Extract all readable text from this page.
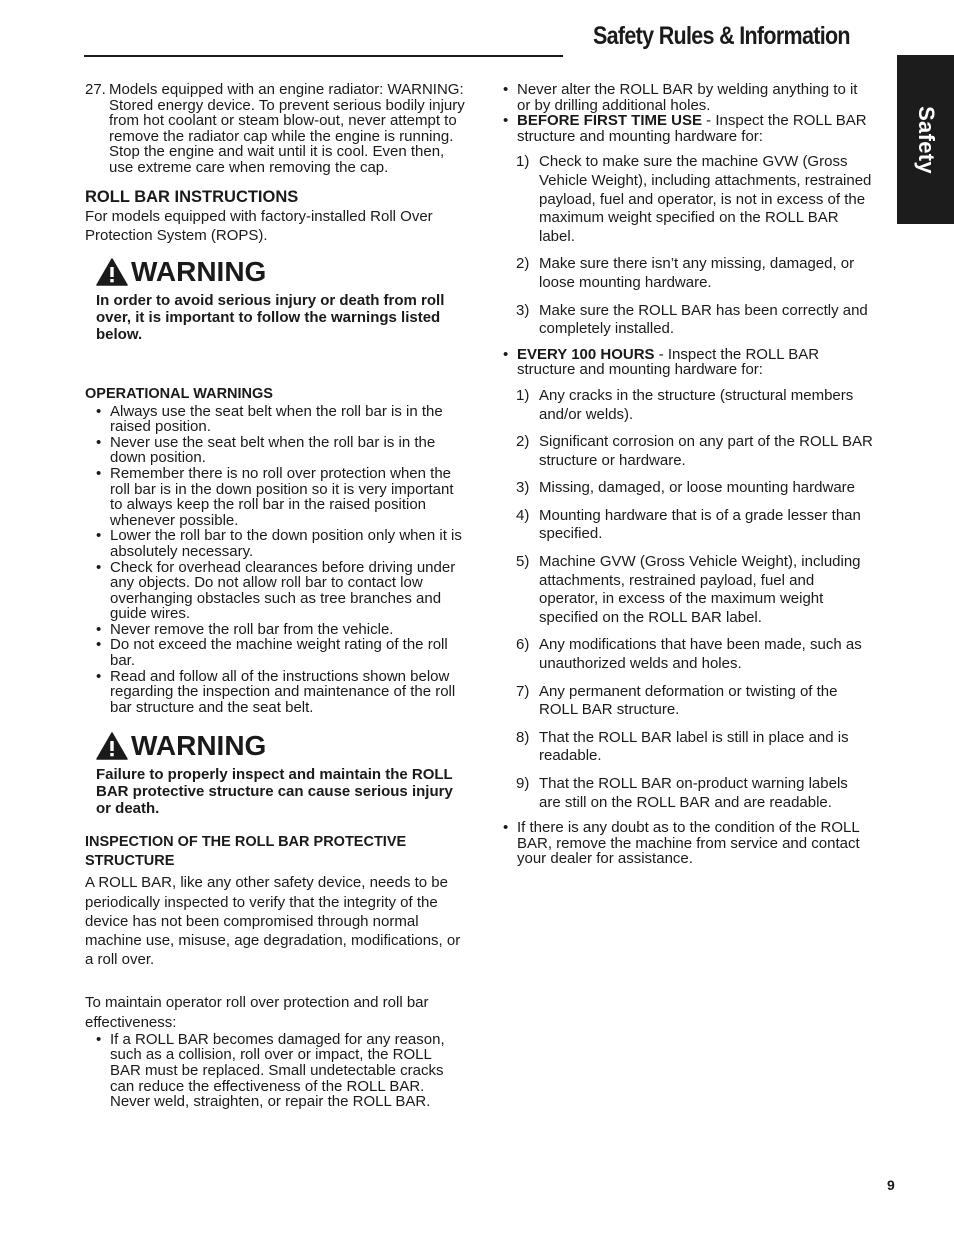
Safety Rules & Information
Safety
27. Models equipped with an engine radiator: WARNING: Stored energy device. To prevent serious bodily injury from hot coolant or steam blow-out, never attempt to remove the radiator cap while the engine is running. Stop the engine and wait until it is cool. Even then, use extreme care when removing the cap.
ROLL BAR INSTRUCTIONS
For models equipped with factory-installed Roll Over Protection System (ROPS).
WARNING
In order to avoid serious injury or death from roll over, it is important to follow the warnings listed below.
OPERATIONAL WARNINGS
• Always use the seat belt when the roll bar is in the raised position.
• Never use the seat belt when the roll bar is in the down position.
• Remember there is no roll over protection when the roll bar is in the down position so it is very important to always keep the roll bar in the raised position whenever possible.
• Lower the roll bar to the down position only when it is absolutely necessary.
• Check for overhead clearances before driving under any objects. Do not allow roll bar to contact low overhanging obstacles such as tree branches and guide wires.
• Never remove the roll bar from the vehicle.
• Do not exceed the machine weight rating of the roll bar.
• Read and follow all of the instructions shown below regarding the inspection and maintenance of the roll bar structure and the seat belt.
WARNING
Failure to properly inspect and maintain the ROLL BAR protective structure can cause serious injury or death.
INSPECTION OF THE ROLL BAR PROTECTIVE STRUCTURE
A ROLL BAR, like any other safety device, needs to be periodically inspected to verify that the integrity of the device has not been compromised through normal machine use, misuse, age degradation, modifications, or a roll over.
To maintain operator roll over protection and roll bar effectiveness:
• If a ROLL BAR becomes damaged for any reason, such as a collision, roll over or impact, the ROLL BAR must be replaced. Small undetectable cracks can reduce the effectiveness of the ROLL BAR. Never weld, straighten, or repair the ROLL BAR.
• Never alter the ROLL BAR by welding anything to it or by drilling additional holes.
• BEFORE FIRST TIME USE - Inspect the ROLL BAR structure and mounting hardware for:
1) Check to make sure the machine GVW (Gross Vehicle Weight), including attachments, restrained payload, fuel and operator, is not in excess of the maximum weight specified on the ROLL BAR label.
2) Make sure there isn’t any missing, damaged, or loose mounting hardware.
3) Make sure the ROLL BAR has been correctly and completely installed.
• EVERY 100 HOURS - Inspect the ROLL BAR structure and mounting hardware for:
1) Any cracks in the structure (structural members and/or welds).
2) Significant corrosion on any part of the ROLL BAR structure or hardware.
3) Missing, damaged, or loose mounting hardware
4) Mounting hardware that is of a grade lesser than specified.
5) Machine GVW (Gross Vehicle Weight), including attachments, restrained payload, fuel and operator, in excess of the maximum weight specified on the ROLL BAR label.
6) Any modifications that have been made, such as unauthorized welds and holes.
7) Any permanent deformation or twisting of the ROLL BAR structure.
8) That the ROLL BAR label is still in place and is readable.
9) That the ROLL BAR on-product warning labels are still on the ROLL BAR and are readable.
• If there is any doubt as to the condition of the ROLL BAR, remove the machine from service and contact your dealer for assistance.
9
